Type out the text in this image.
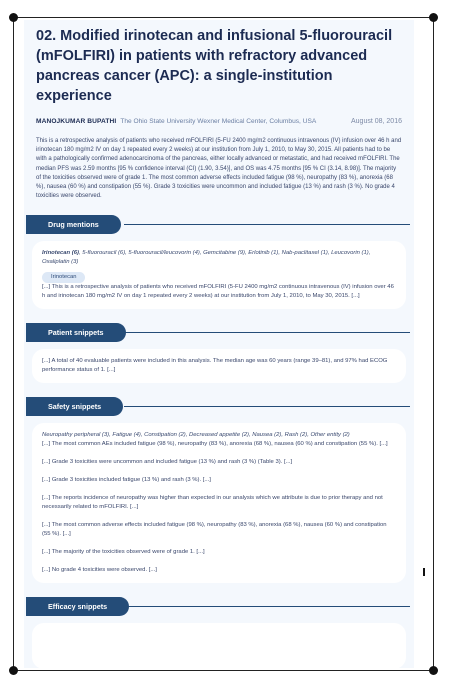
02. Modified irinotecan and infusional 5-fluorouracil (mFOLFIRI) in patients with refractory advanced pancreas cancer (APC): a single-institution experience
MANOJKUMAR BUPATHI The Ohio State University Wexner Medical Center, Columbus, USA	August 08, 2016
This is a retrospective analysis of patients who received mFOLFIRI (5-FU 2400 mg/m2 continuous intravenous (IV) infusion over 46 h and irinotecan 180 mg/m2 IV on day 1 repeated every 2 weeks) at our institution from July 1, 2010, to May 30, 2015. All patients had to be with a pathologically confirmed adenocarcinoma of the pancreas, either locally advanced or metastatic, and had received mFOLFIRI. The median PFS was 2.59 months [95 % confidence interval (CI) (1.90, 3.54)], and OS was 4.75 months [95 % CI (3.14, 8.98)]. The majority of the toxicities observed were of grade 1. The most common adverse effects included fatigue (98 %), neuropathy (83 %), anorexia (68 %), nausea (60 %) and constipation (55 %). Grade 3 toxicities were uncommon and included fatigue (13 %) and rash (3 %). No grade 4 toxicities were observed.
Drug mentions
Irinotecan (6), 5-fluorouracil (6), 5-fluorouracil/leucovorin (4), Gemcitabine (9), Erlotinib (1), Nab-paclitaxel (1), Leucovorin (1), Oxaliplatin (3)
Irinotecan

[...] This is a retrospective analysis of patients who received mFOLFIRI (5-FU 2400 mg/m2 continuous intravenous (IV) infusion over 46 h and irinotecan 180 mg/m2 IV on day 1 repeated every 2 weeks) at our institution from July 1, 2010, to May 30, 2015. [...]

Patient snippets

[...] A total of 40 evaluable patients were included in this analysis. The median age was 60 years (range 39–81), and 97% had ECOG performance status of 1. [...]

Safety snippets
Neuropathy peripheral (3), Fatigue (4), Constipation (2), Decreased appetite (2), Nausea (2), Rash (2), Other entity (2)

[...] The most common AEs included fatigue (98 %), neuropathy (83 %), anorexia (68 %), nausea (60 %) and constipation (55 %). [...]

[...] Grade 3 toxicities were uncommon and included fatigue (13 %) and rash (3 %) (Table 3). [...]

[...] Grade 3 toxicities included fatigue (13 %) and rash (3 %). [...]

[...] The reports incidence of neuropathy was higher than expected in our analysis which we attribute is due to prior therapy and not necessarily related to mFOLFIRI. [...]

[...] The most common adverse effects included fatigue (98 %), neuropathy (83 %), anorexia (68 %), nausea (60 %) and constipation (55 %). [...]

[...] The majority of the toxicities observed were of grade 1. [...]

[...] No grade 4 toxicities were observed. [...]

Efficacy snippets
